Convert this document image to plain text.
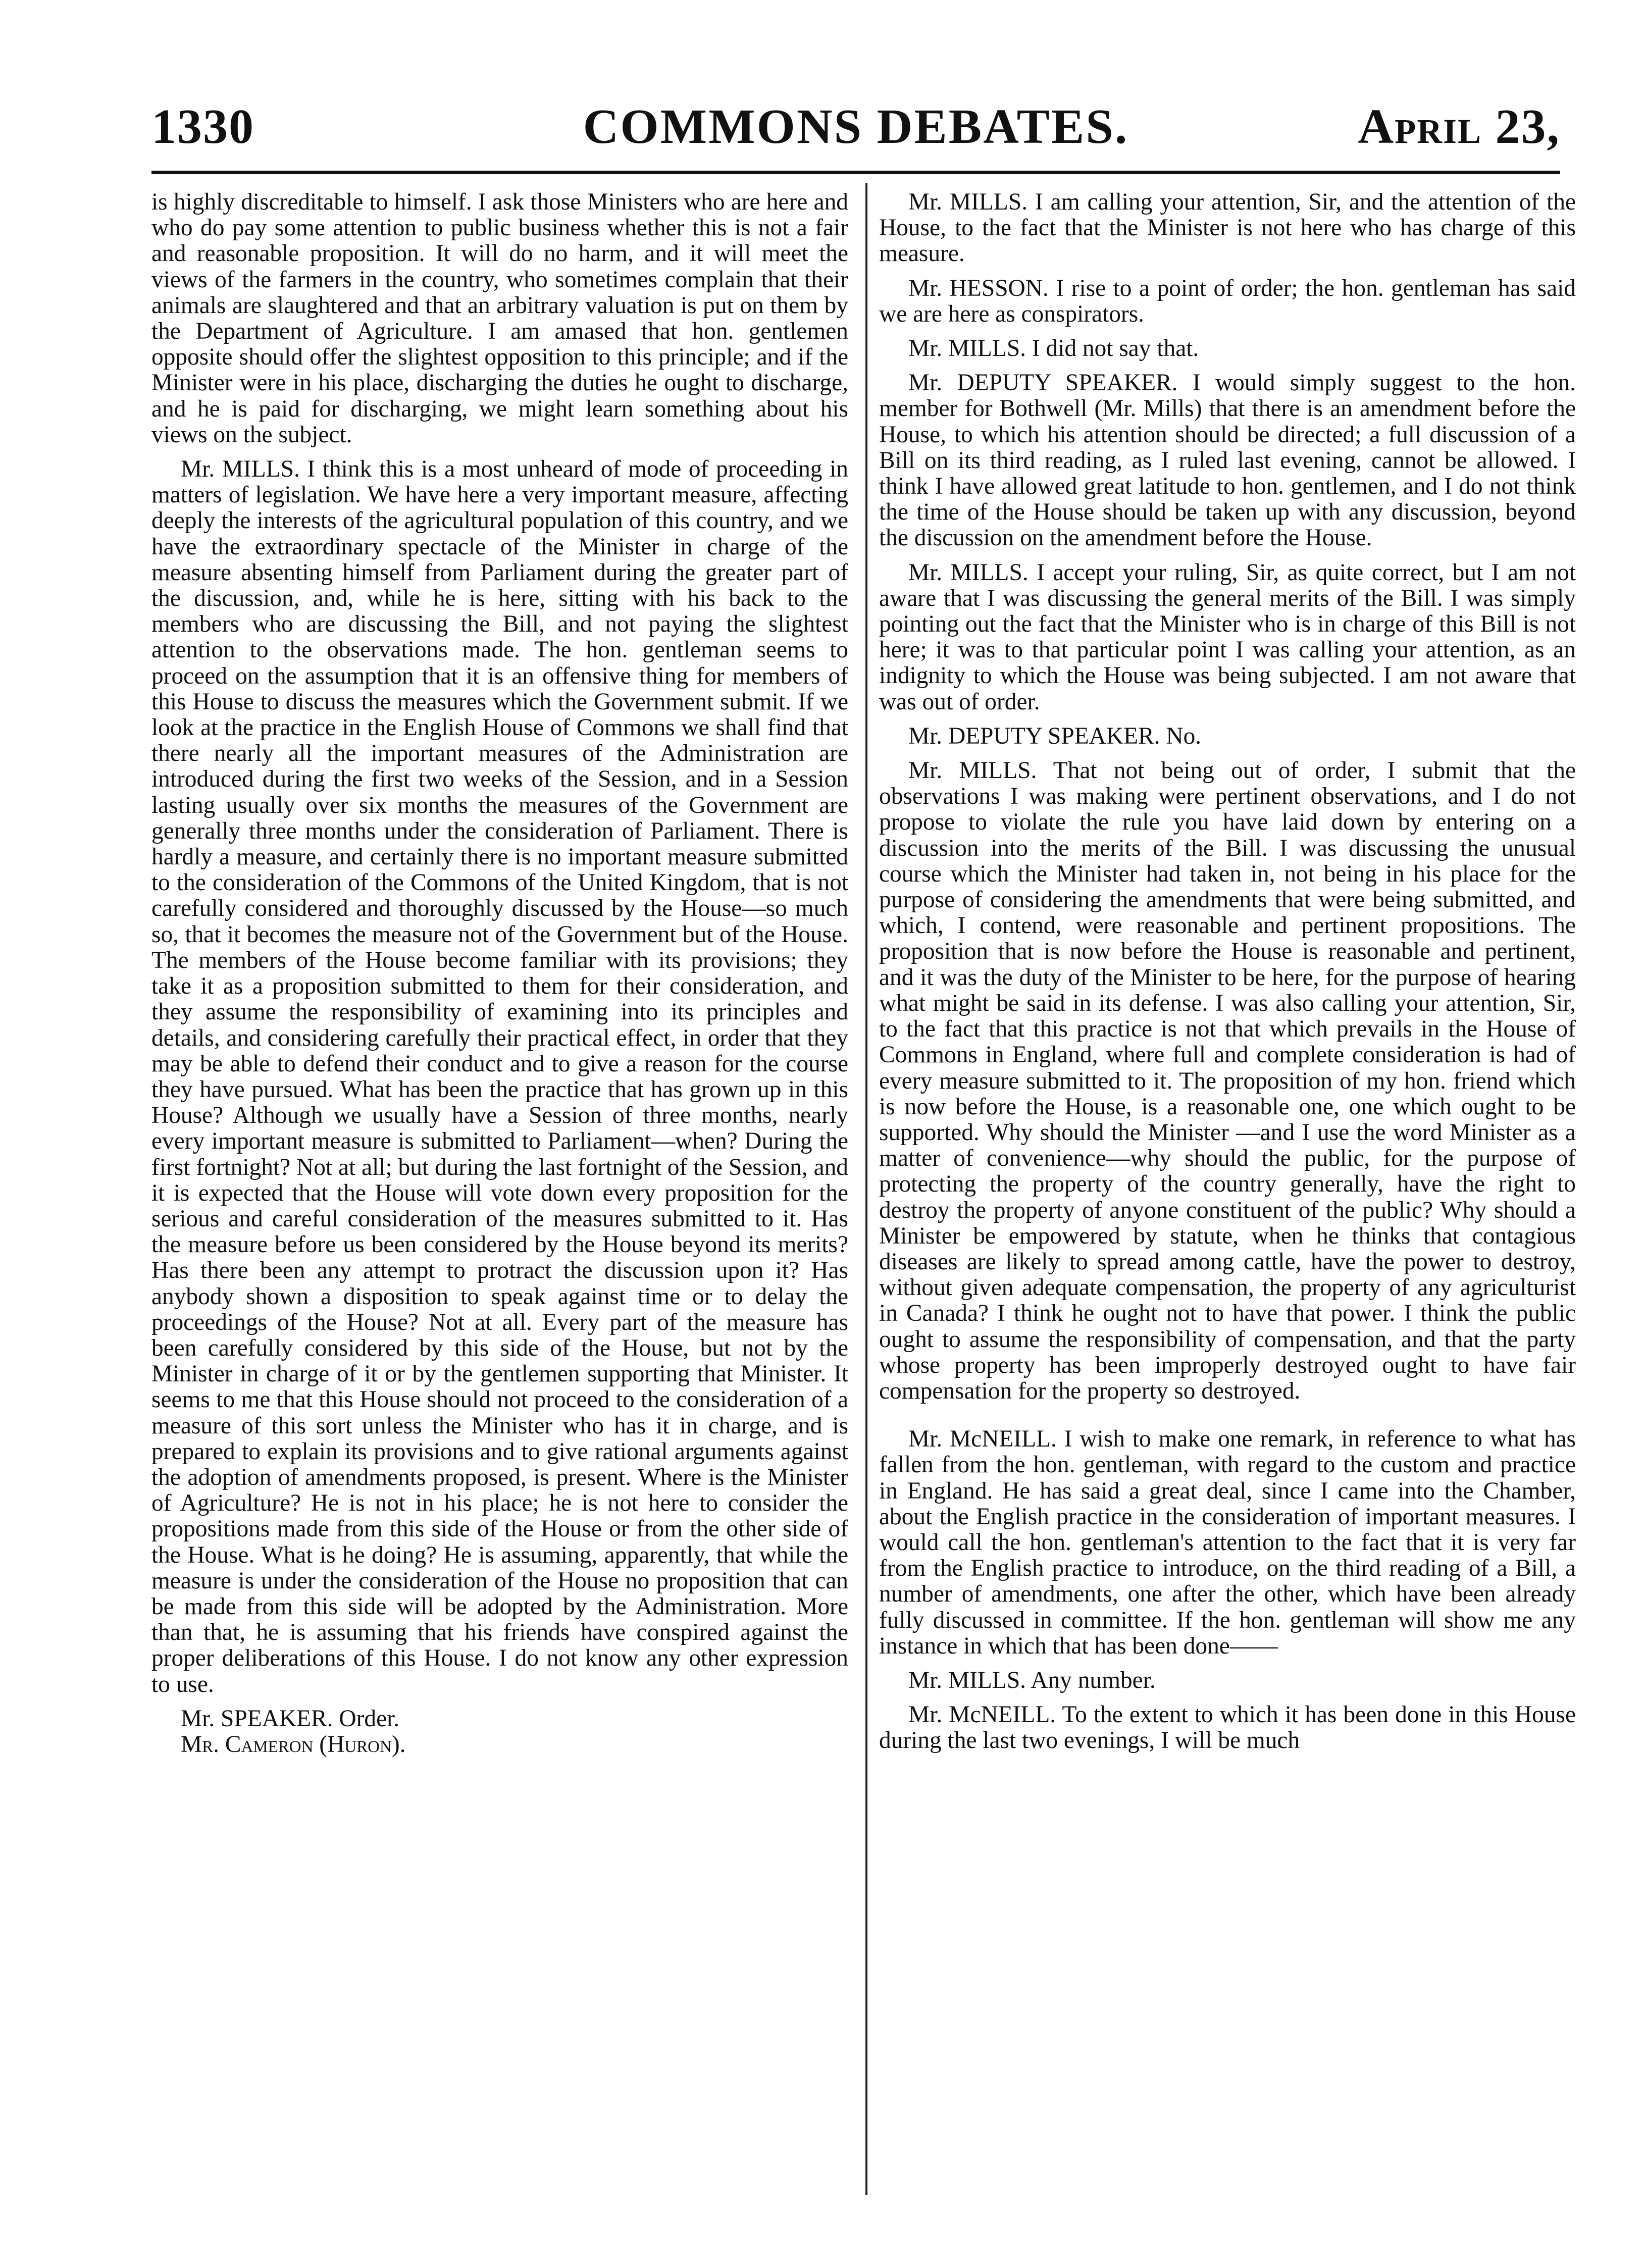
COMMONS DEBATES.
1330	April 23,

is highly discreditable to himself. I ask those Ministers who are here and who do pay some attention to public business whether this is not a fair and reasonable proposition. It will do no harm, and it will meet the views of the farmers in the country, who sometimes complain that their animals are slaughtered and that an arbitrary valuation is put on them by the Department of Agriculture. I am amased that hon. gentlemen opposite should offer the slightest opposition to this principle; and if the Minister were in his place, discharging the duties he ought to discharge, and he is paid for discharging, we might learn something about his views on the subject.

Mr. MILLS. I think this is a most unheard of mode of proceeding in matters of legislation. We have here a very important measure, affecting deeply the interests of the agricultural population of this country, and we have the extraordinary spectacle of the Minister in charge of the measure absenting himself from Parliament during the greater part of the discussion, and, while he is here, sitting with his back to the members who are discussing the Bill, and not paying the slightest attention to the observations made. The hon. gentleman seems to proceed on the assumption that it is an offensive thing for members of this House to discuss the measures which the Government submit. If we look at the practice in the English House of Commons we shall find that there nearly all the important measures of the Administration are introduced during the first two weeks of the Session, and in a Session lasting usually over six months the measures of the Government are generally three months under the consideration of Parliament. There is hardly a measure, and certainly there is no important measure submitted to the consideration of the Commons of the United Kingdom, that is not carefully considered and thoroughly discussed by the House—so much so, that it becomes the measure not of the Government but of the House. The members of the House become familiar with its provisions; they take it as a proposition submitted to them for their consideration, and they assume the responsibility of examining into its principles and details, and considering carefully their practical effect, in order that they may be able to defend their conduct and to give a reason for the course they have pursued. What has been the practice that has grown up in this House? Although we usually have a Session of three months, nearly every important measure is submitted to Parliament—when? During the first fortnight? Not at all; but during the last fortnight of the Session, and it is expected that the House will vote down every proposition for the serious and careful consideration of the measures submitted to it. Has the measure before us been considered by the House beyond its merits? Has there been any attempt to protract the discussion upon it? Has anybody shown a disposition to speak against time or to delay the proceedings of the House? Not at all. Every part of the measure has been carefully considered by this side of the House, but not by the Minister in charge of it or by the gentlemen supporting that Minister. It seems to me that this House should not proceed to the consideration of a measure of this sort unless the Minister who has it in charge, and is prepared to explain its provisions and to give rational arguments against the adoption of amendments proposed, is present. Where is the Minister of Agriculture? He is not in his place; he is not here to consider the propositions made from this side of the House or from the other side of the House. What is he doing? He is assuming, apparently, that while the measure is under the consideration of the House no proposition that can be made from this side will be adopted by the Administration. More than that, he is assuming that his friends have conspired against the proper deliberations of this House. I do not know any other expression to use.

Mr. SPEAKER. Order.

Mr. Cameron (Huron).

Mr. MILLS. I am calling your attention, Sir, and the attention of the House, to the fact that the Minister is not here who has charge of this measure.

Mr. HESSON. I rise to a point of order; the hon. gentleman has said we are here as conspirators.

Mr. MILLS. I did not say that.

Mr. DEPUTY SPEAKER. I would simply suggest to the hon. member for Bothwell (Mr. Mills) that there is an amendment before the House, to which his attention should be directed; a full discussion of a Bill on its third reading, as I ruled last evening, cannot be allowed. I think I have allowed great latitude to hon. gentlemen, and I do not think the time of the House should be taken up with any discussion, beyond the discussion on the amendment before the House.

Mr. MILLS. I accept your ruling, Sir, as quite correct, but I am not aware that I was discussing the general merits of the Bill. I was simply pointing out the fact that the Minister who is in charge of this Bill is not here; it was to that particular point I was calling your attention, as an indignity to which the House was being subjected. I am not aware that was out of order.

Mr. DEPUTY SPEAKER. No.

Mr. MILLS. That not being out of order, I submit that the observations I was making were pertinent observations, and I do not propose to violate the rule you have laid down by entering on a discussion into the merits of the Bill. I was discussing the unusual course which the Minister had taken in, not being in his place for the purpose of considering the amendments that were being submitted, and which, I contend, were reasonable and pertinent propositions. The proposition that is now before the House is reasonable and pertinent, and it was the duty of the Minister to be here, for the purpose of hearing what might be said in its defense. I was also calling your attention, Sir, to the fact that this practice is not that which prevails in the House of Commons in England, where full and complete consideration is had of every measure submitted to it. The proposition of my hon. friend which is now before the House, is a reasonable one, one which ought to be supported. Why should the Minister —and I use the word Minister as a matter of convenience—why should the public, for the purpose of protecting the property of the country generally, have the right to destroy the property of anyone constituent of the public? Why should a Minister be empowered by statute, when he thinks that contagious diseases are likely to spread among cattle, have the power to destroy, without given adequate compensation, the property of any agriculturist in Canada? I think he ought not to have that power. I think the public ought to assume the responsibility of compensation, and that the party whose property has been improperly destroyed ought to have fair compensation for the property so destroyed.

Mr. McNEILL. I wish to make one remark, in reference to what has fallen from the hon. gentleman, with regard to the custom and practice in England. He has said a great deal, since I came into the Chamber, about the English practice in the consideration of important measures. I would call the hon. gentleman's attention to the fact that it is very far from the English practice to introduce, on the third reading of a Bill, a number of amendments, one after the other, which have been already fully discussed in committee. If the hon. gentleman will show me any instance in which that has been done——

Mr. MILLS. Any number.

Mr. McNEILL. To the extent to which it has been done in this House during the last two evenings, I will be much
